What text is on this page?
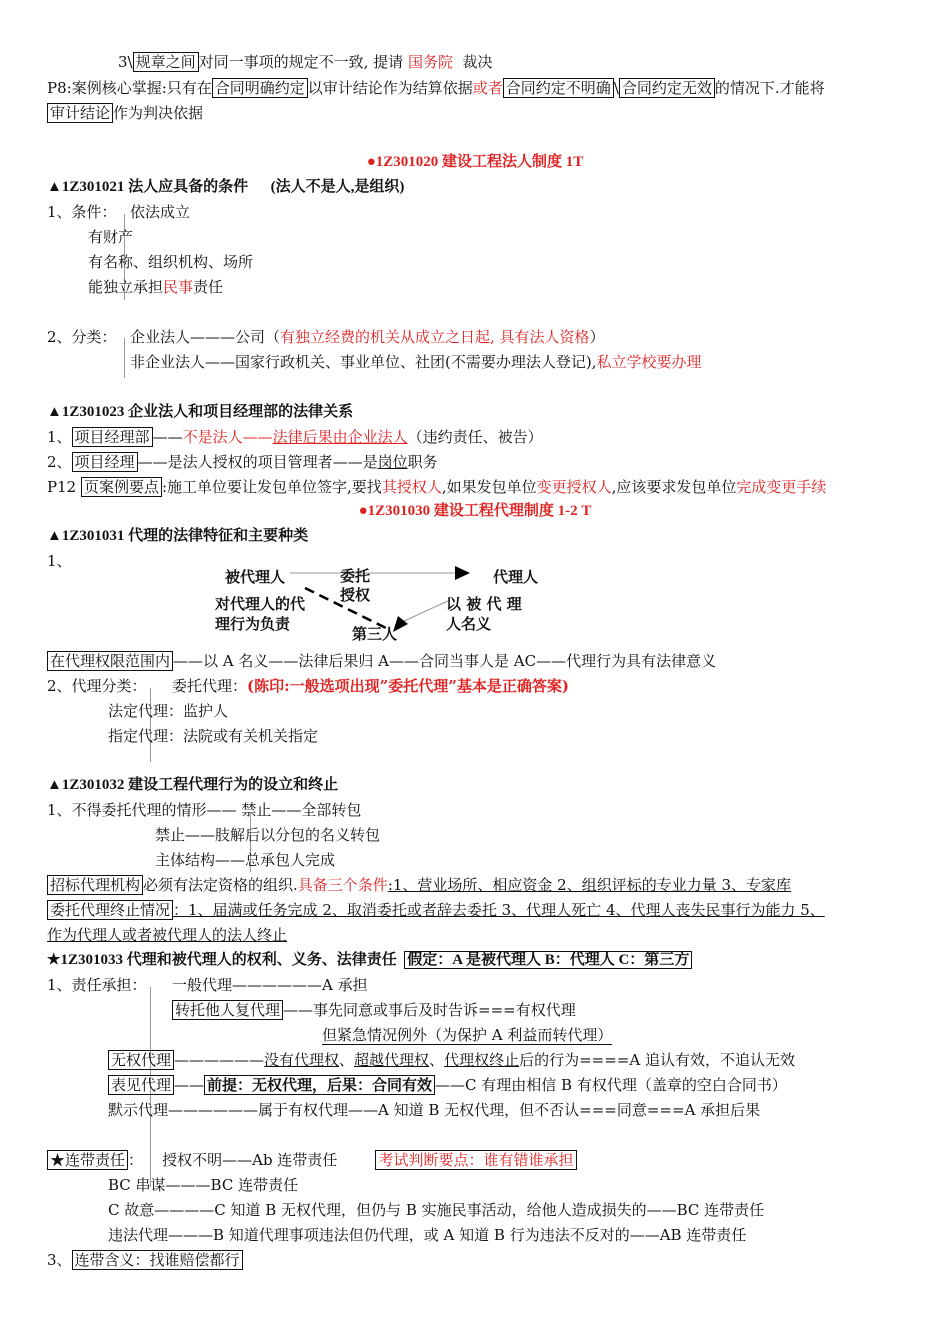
3\ 规章之间 对同一事项的规定不一致, 提请 国务院 裁决
P8:案例核心掌握:只有在 合同明确约定 以审计结论作为结算依据或者 合同约定不明确 \ 合同约定无效 的情况下.才能将
审计结论 作为判决依据
●1Z301020 建设工程法人制度 1T
▲1Z301021 法人应具备的条件 (法人不是人,是组织)
1、条件： 依法成立
有财产
有名称、组织机构、场所
能独立承担民事责任
2、分类： 企业法人———公司（有独立经费的机关从成立之日起, 具有法人资格）
非企业法人——国家行政机关、事业单位、社团(不需要办理法人登记),私立学校要办理
▲1Z301023 企业法人和项目经理部的法律关系
1、 项目经理部 ——不是法人——法律后果由企业法人（违约责任、被告）
2、 项目经理 ——是法人授权的项目管理者——是岗位职务
P12 页案例要点 :施工单位要让发包单位签字,要找其授权人,如果发包单位变更授权人,应该要求发包单位完成变更手续
●1Z301030 建设工程代理制度 1-2 T
▲1Z301031 代理的法律特征和主要种类
1、
被代理人	委托
授权
代理人
对代理人的代
理行为负责
以 被 代 理
人名义
第三人
在代理权限范围内 ——以 A 名义——法律后果归 A——合同当事人是 AC——代理行为具有法律意义
2、代理分类： 委托代理：(陈印:一般选项出现”委托代理”基本是正确答案)
法定代理：监护人
指定代理：法院或有关机关指定
▲1Z301032 建设工程代理行为的设立和终止
1、不得委托代理的情形—— 禁止——全部转包
禁止——肢解后以分包的名义转包
主体结构——总承包人完成
招标代理机构 必须有法定资格的组织.具备三个条件:1、营业场所、相应资金 2、组织评标的专业力量 3、专家库
委托代理终止情况 ：1、届满或任务完成 2、取消委托或者辞去委托 3、代理人死亡 4、代理人丧失民事行为能力 5、
作为代理人或者被代理人的法人终止
★1Z301033 代理和被代理人的权利、义务、法律责任 假定：A 是被代理人 B：代理人 C：第三方
1、责任承担： 一般代理——————A 承担
转托他人复代理 ——事先同意或事后及时告诉===有权代理
但紧急情况例外（为保护 A 利益而转代理）
无权代理 ——————没有代理权、超越代理权、代理权终止后的行为====A 追认有效，不追认无效
表见代理 —— 前提：无权代理，后果：合同有效 ——C 有理由相信 B 有权代理（盖章的空白合同书）
默示代理——————属于有权代理——A 知道 B 无权代理，但不否认===同意===A 承担后果
★连带责任 ： 授权不明——Ab 连带责任	考试判断要点：谁有错谁承担
BC 串谋———BC 连带责任
C 故意————C 知道 B 无权代理，但仍与 B 实施民事活动，给他人造成损失的——BC 连带责任
违法代理———B 知道代理事项违法但仍代理，或 A 知道 B 行为违法不反对的——AB 连带责任
3、 连带含义：找谁赔偿都行
